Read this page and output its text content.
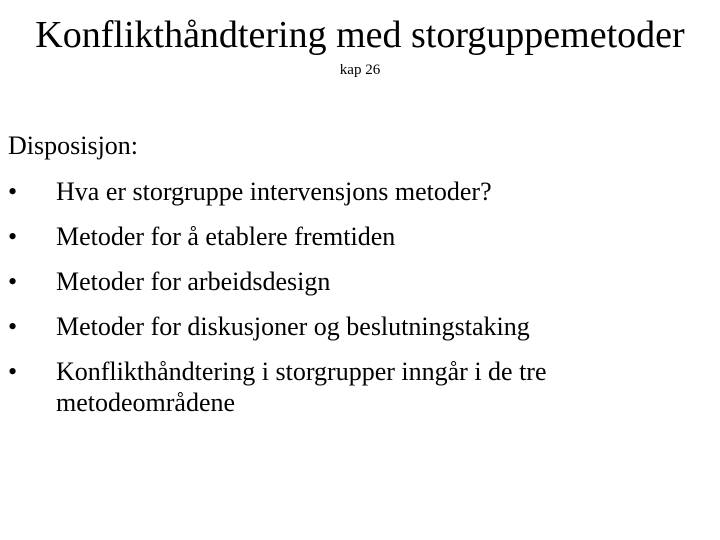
Konflikthåndtering med storguppemetoder
kap 26
Disposisjon:
•	Hva er storgruppe intervensjons metoder?
•	Metoder for å etablere fremtiden
•	Metoder for arbeidsdesign
•	Metoder for diskusjoner og beslutningstaking
•	Konflikthåndtering i storgrupper inngår i de tre metodeområdene
